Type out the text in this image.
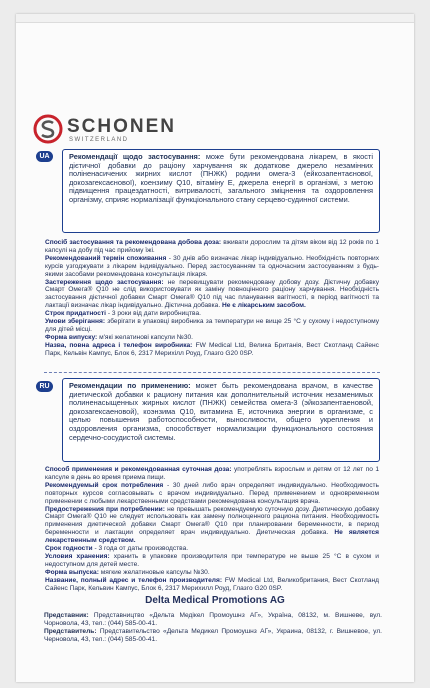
SCHONEN
SWITZERLAND
UA	Рекомендації щодо застосування: може бути рекомендована лікарем, в якості дієтичної добавки до раціону харчування як додаткове джерело незамінних поліненасичених жирних кислот (ПНЖК) родини омега-3 (ейкозапентаєнової, докозагексаєнової), коензиму Q10, вітаміну Е, джерела енергії в організмі, з метою підвищення працездатності, витривалості, загального зміцнення та оздоровлення організму, сприяє нормалізації функціонального стану серцево-судинної системи.
Спосіб застосування та рекомендована добова доза: вживати дорослим та дітям віком від 12 років по 1 капсулі на добу під час прийому їжі.
Рекомендований термін споживання - 30 днів або визначає лікар індивідуально. Необхідність повторних курсів узгоджувати з лікарем індивідуально. Перед застосуванням та одночасним застосуванням з будь-якими засобами рекомендована консультація лікаря.
Застереження щодо застосування: не перевищувати рекомендовану добову дозу. Дієтичну добавку Смарт Омега® Q10 не слід використовувати як заміну повноцінного раціону харчування. Необхідність застосування дієтичної добавки Смарт Омега® Q10 під час планування вагітності, в період вагітності та лактації визначає лікар індивідуально. Дієтична добавка. Не є лікарським засобом.
Строк придатності - 3 роки від дати виробництва.
Умови зберігання: зберігати в упаковці виробника за температури не вище 25 °С у сухому і недоступному для дітей місці.
Форма випуску: м'які желатинові капсули №30.
Назва, повна адреса і телефон виробника: FW Medical Ltd, Велика Британія, Вест Скотланд Сайенс Парк, Кельвін Кампус, Блок 6, 2317 Мерихілл Роуд, Глазго G20 0SP.
RU	Рекомендации по применению: может быть рекомендована врачом, в качестве диетической добавки к рациону питания как дополнительный источник незаменимых полиненасыщенных жирных кислот (ПНЖК) семейства омега-3 (эйкозапентаеновой, докозагексаеновой), коэнзима Q10, витамина Е, источника энергии в организме, с целью повышения работоспособности, выносливости, общего укрепления и оздоровления организма, способствует нормализации функционального состояния сердечно-сосудистой системы.
Способ применения и рекомендованная суточная доза: употреблять взрослым и детям от 12 лет по 1 капсуле в день во время приема пищи.
Рекомендуемый срок потребления - 30 дней либо врач определяет индивидуально. Необходимость повторных курсов согласовывать с врачом индивидуально. Перед применением и одновременном применении с любыми лекарственными средствами рекомендована консультация врача.
Предостережения при потреблении: не превышать рекомендуемую суточную дозу. Диетическую добавку Смарт Омега® Q10 не следует использовать как замену полноценного рациона питания. Необходимость применения диетической добавки Смарт Омега® Q10 при планировании беременности, в период беременности и лактации определяет врач индивидуально. Диетическая добавка. Не является лекарственным средством.
Срок годности - 3 года от даты производства.
Условия хранения: хранить в упаковке производителя при температуре не выше 25 °С в сухом и недоступном для детей месте.
Форма выпуска: мягкие желатиновые капсулы №30.
Название, полный адрес и телефон производителя: FW Medical Ltd, Великобритания, Вест Скотланд Сайенс Парк, Кельвин Кампус, Блок 6, 2317 Мерихилл Роуд, Глазго G20 0SP.
Delta Medical Promotions AG
Представник: Представництво «Дельта Медікел Промоушнз АГ», Україна, 08132, м. Вишневе, вул. Чорновола, 43, тел.: (044) 585-00-41.
Представитель: Представительство «Дельта Медикел Промоушнз АГ», Украина, 08132, г. Вишневое, ул. Черновола, 43, тел.: (044) 585-00-41.
